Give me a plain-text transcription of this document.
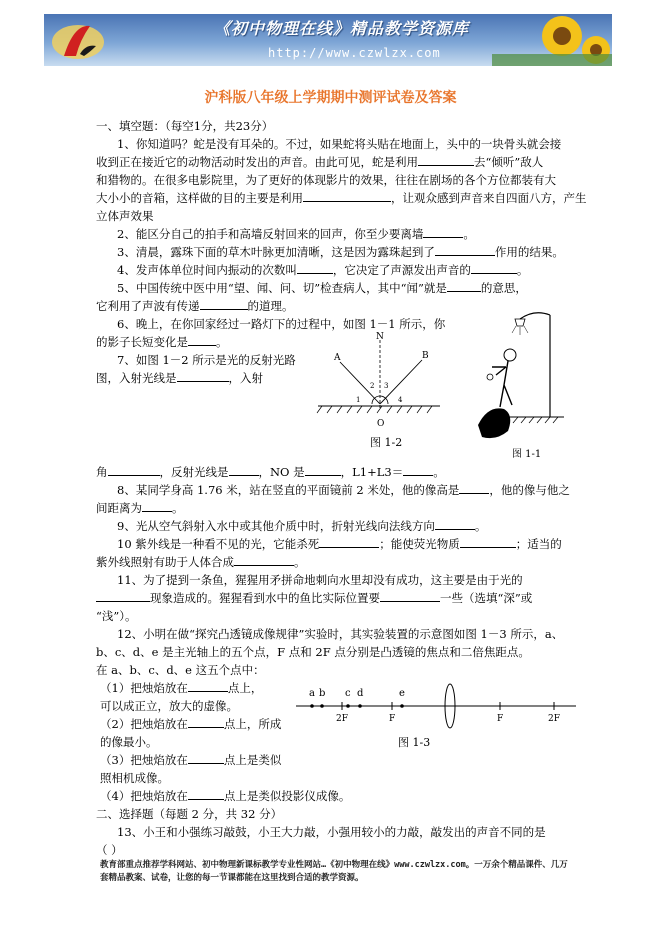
《初中物理在线》精品教学资源库
http://www.czwlzx.com
沪科版八年级上学期期中测评试卷及答案
一、填空题：（每空1分，共23分）
1、你知道吗？蛇是没有耳朵的。不过，如果蛇将头贴在地面上，头中的一块骨头就会接
收到正在接近它的动物活动时发出的声音。由此可见，蛇是利用	去“倾听”敌人
和猎物的。在很多电影院里，为了更好的体现影片的效果，往往在剧场的各个方位都装有大
大小小的音箱，这样做的目的主要是利用	，让观众感到声音来自四面八方，产生
立体声效果
2、能区分自己的拍手和高墙反射回来的回声，你至少要离墙	。
3、清晨，露珠下面的草木叶脉更加清晰，这是因为露珠起到了	作用的结果。
4、发声体单位时间内振动的次数叫	，它决定了声源发出声音的	。
5、中国传统中医中用“望、闻、问、切”检查病人，其中“闻”就是	的意思，
它利用了声波有传递	的道理。
6、晚上，在你回家经过一路灯下的过程中，如图 1－1 所示，你
的影子长短变化是 。
7、如图 1－2 所示是光的反射光路
图，入射光线是	，入射
A
N
B
1
2 3
4
O
图 1-2
图 1-1
角	，反射光线是	，NO 是	，L1+L3＝	。
8、某同学身高 1.76 米，站在竖直的平面镜前 2 米处，他的像高是	，他的像与他之
间距离为	。
9、光从空气斜射入水中或其他介质中时，折射光线向法线方向	。
10 紫外线是一种看不见的光，它能杀死	；能使荧光物质	；适当的
紫外线照射有助于人体合成	。
11、为了提到一条鱼，猩猩用矛拼命地刺向水里却没有成功，这主要是由于光的
现象造成的。猩猩看到水中的鱼比实际位置要	一些（选填“深”或
“浅”）。
12、小明在做“探究凸透镜成像规律”实验时，其实验装置的示意图如图 1－3 所示，a、
b、c、d、e 是主光轴上的五个点，F 点和 2F 点分别是凸透镜的焦点和二倍焦距点。
在 a、b、c、d、e 这五个点中：
（1）把烛焰放在	点上，
可以成正立，放大的虚像。
（2）把烛焰放在	点上，所成
的像最小。
（3）把烛焰放在	点上是类似
照相机成像。
（4）把烛焰放在	点上是类似投影仪成像。
a b c d	e
2F	F	F	2F
图 1-3
二、选择题（每题 2 分，共 32 分）
13、小王和小强练习敲鼓，小王大力敲，小强用较小的力敲，敲发出的声音不同的是
（ ）
教育部重点推荐学科网站、初中物理新课标教学专业性网站…《初中物理在线》www.czwlzx.com。一万余个精品课件、几万套精品教案、试卷，让您的每一节课都能在这里找到合适的教学资源。
